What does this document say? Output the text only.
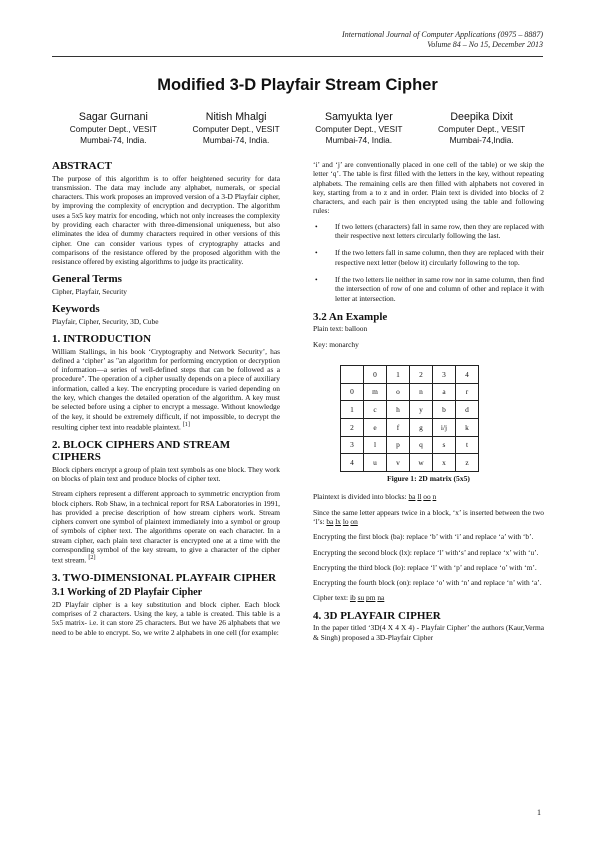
International Journal of Computer Applications (0975 – 8887)
Volume 84 – No 15, December 2013
Modified 3-D Playfair Stream Cipher
Sagar Gurnani
Computer Dept., VESIT
Mumbai-74, India.
Nitish Mhalgi
Computer Dept., VESIT
Mumbai-74, India.
Samyukta Iyer
Computer Dept., VESIT
Mumbai-74, India.
Deepika Dixit
Computer Dept., VESIT
Mumbai-74,India.
ABSTRACT

The purpose of this algorithm is to offer heightened security for data transmission. The data may include any alphabet, numerals, or special characters. This work proposes an improved version of a 3-D Playfair cipher, by improving the complexity of encryption and decryption. The algorithm uses a 5x5 key matrix for encoding, which not only increases the complexity by providing each character with three-dimensional uniqueness, but also eliminates the idea of dummy characters required in other versions of this cipher. One can consider various types of cryptography attacks and comparisons of the resistance offered by the proposed algorithm with the resistance offered by existing algorithms to judge its practicality.

General Terms

Cipher, Playfair, Security

Keywords

Playfair, Cipher, Security, 3D, Cube

1. INTRODUCTION

William Stallings, in his book ‘Cryptography and Network Security’, has defined a ‘cipher’ as "an algorithm for performing encryption or decryption of information—a series of well-defined steps that can be followed as a procedure". The operation of a cipher usually depends on a piece of auxiliary information, called a key. The encrypting procedure is varied depending on the key, which changes the detailed operation of the algorithm. A key must be selected before using a cipher to encrypt a message. Without knowledge of the key, it should be extremely difficult, if not impossible, to decrypt the resulting cipher text into readable plaintext. [1]

2. BLOCK CIPHERS AND STREAM CIPHERS

Block ciphers encrypt a group of plain text symbols as one block. They work on blocks of plain text and produce blocks of cipher text.

Stream ciphers represent a different approach to symmetric encryption from block ciphers. Rob Shaw, in a technical report for RSA Laboratories in 1991, has provided a precise description of how stream ciphers work. Stream ciphers convert one symbol of plaintext immediately into a symbol or group of symbols of cipher text. The algorithms operate on each character. In a stream cipher, each plain text character is encrypted one at a time with the corresponding symbol of the key stream, to give a character of the cipher text stream. [2]

3. TWO-DIMENSIONAL PLAYFAIR CIPHER
3.1 Working of 2D Playfair Cipher

2D Playfair cipher is a key substitution and block cipher. Each block comprises of 2 characters. Using the key, a table is created. This table is a 5x5 matrix- i.e. it can store 25 characters. But we have 26 alphabets that we need to be able to encrypt. So, we write 2 alphabets in one cell (for example:

‘i’ and ‘j’ are conventionally placed in one cell of the table) or we skip the letter ‘q’. The table is first filled with the letters in the key, without repeating alphabets. The remaining cells are then filled with alphabets not covered in key, starting from a to z and in order. Plain text is divided into blocks of 2 characters, and each pair is then encrypted using the table and following rules:

• If two letters (characters) fall in same row, then they are replaced with their respective next letters circularly following the last.
• If the two letters fall in same column, then they are replaced with their respective next letter (below it) circularly following to the top.
• If the two letters lie neither in same row nor in same column, then find the intersection of row of one and column of other and replace it with letter at intersection.
3.2 An Example

Plain text: balloon

Key: monarchy

	0	1	2	3	4
0	m	o	n	a	r
1	c	h	y	b	d
2	e	f	g	i/j	k
3	l	p	q	s	t
4	u	v	w	x	z
Figure 1: 2D matrix (5x5)

Plaintext is divided into blocks: ba ll oo n

Since the same letter appears twice in a block, ‘x’ is inserted between the two ‘l’s: ba lx lo on

Encrypting the first block (ba): replace ‘b’ with ‘i’ and replace ‘a’ with ‘b’.

Encrypting the second block (lx): replace ‘l’ with‘s’ and replace ‘x’ with ‘u’.

Encrypting the third block (lo): replace ‘l’ with ‘p’ and replace ‘o’ with ‘m’.

Encrypting the fourth block (on): replace ‘o’ with ‘n’ and replace ‘n’ with ‘a’.

Cipher text: ib su pm na

4. 3D PLAYFAIR CIPHER

In the paper titled ‘3D(4 X 4 X 4) - Playfair Cipher’ the authors (Kaur,Verma & Singh) proposed a 3D-Playfair Cipher

1
